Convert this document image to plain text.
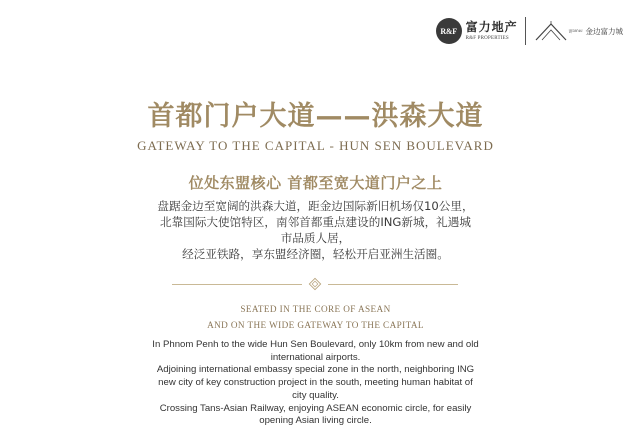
R&F 富力地产
R&F PROPERTIES
ក្រុងមាស 金边富力城
首都门户大道——洪森大道
GATEWAY TO THE CAPITAL - HUN SEN BOULEVARD
位处东盟核心 首都至宽大道门户之上
盘踞金边至宽阔的洪森大道，距金边国际新旧机场仅10公里，
北靠国际大使馆特区，南邻首都重点建设的ING新城，礼遇城
市品质人居，
经泛亚铁路，享东盟经济圈，轻松开启亚洲生活圈。
SEATED IN THE CORE OF ASEAN
AND ON THE WIDE GATEWAY TO THE CAPITAL
In Phnom Penh to the wide Hun Sen Boulevard, only 10km from new and old
international airports.
Adjoining international embassy special zone in the north, neighboring ING
new city of key construction project in the south, meeting human habitat of
city quality.
Crossing Tans-Asian Railway, enjoying ASEAN economic circle, for easily
opening Asian living circle.
